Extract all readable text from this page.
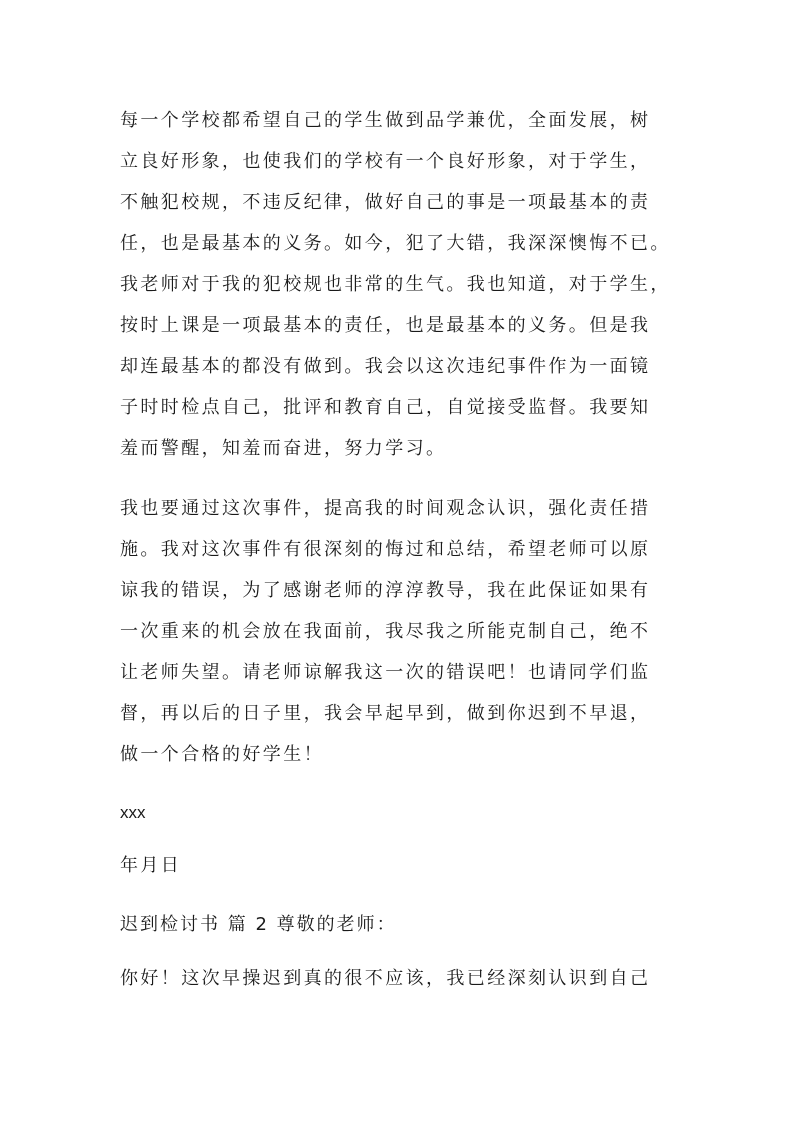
每一个学校都希望自己的学生做到品学兼优，全面发展，树
立良好形象，也使我们的学校有一个良好形象，对于学生，
不触犯校规，不违反纪律，做好自己的事是一项最基本的责
任，也是最基本的义务。如今，犯了大错，我深深懊悔不已。
我老师对于我的犯校规也非常的生气。我也知道，对于学生，
按时上课是一项最基本的责任，也是最基本的义务。但是我
却连最基本的都没有做到。我会以这次违纪事件作为一面镜
子时时检点自己，批评和教育自己，自觉接受监督。我要知
羞而警醒，知羞而奋进，努力学习。
我也要通过这次事件，提高我的时间观念认识，强化责任措
施。我对这次事件有很深刻的悔过和总结，希望老师可以原
谅我的错误，为了感谢老师的淳淳教导，我在此保证如果有
一次重来的机会放在我面前，我尽我之所能克制自己，绝不
让老师失望。请老师谅解我这一次的错误吧！也请同学们监
督，再以后的日子里，我会早起早到，做到你迟到不早退，
做一个合格的好学生！
xxx
年月日
迟到检讨书 篇 2 尊敬的老师：
你好！这次早操迟到真的很不应该，我已经深刻认识到自己
